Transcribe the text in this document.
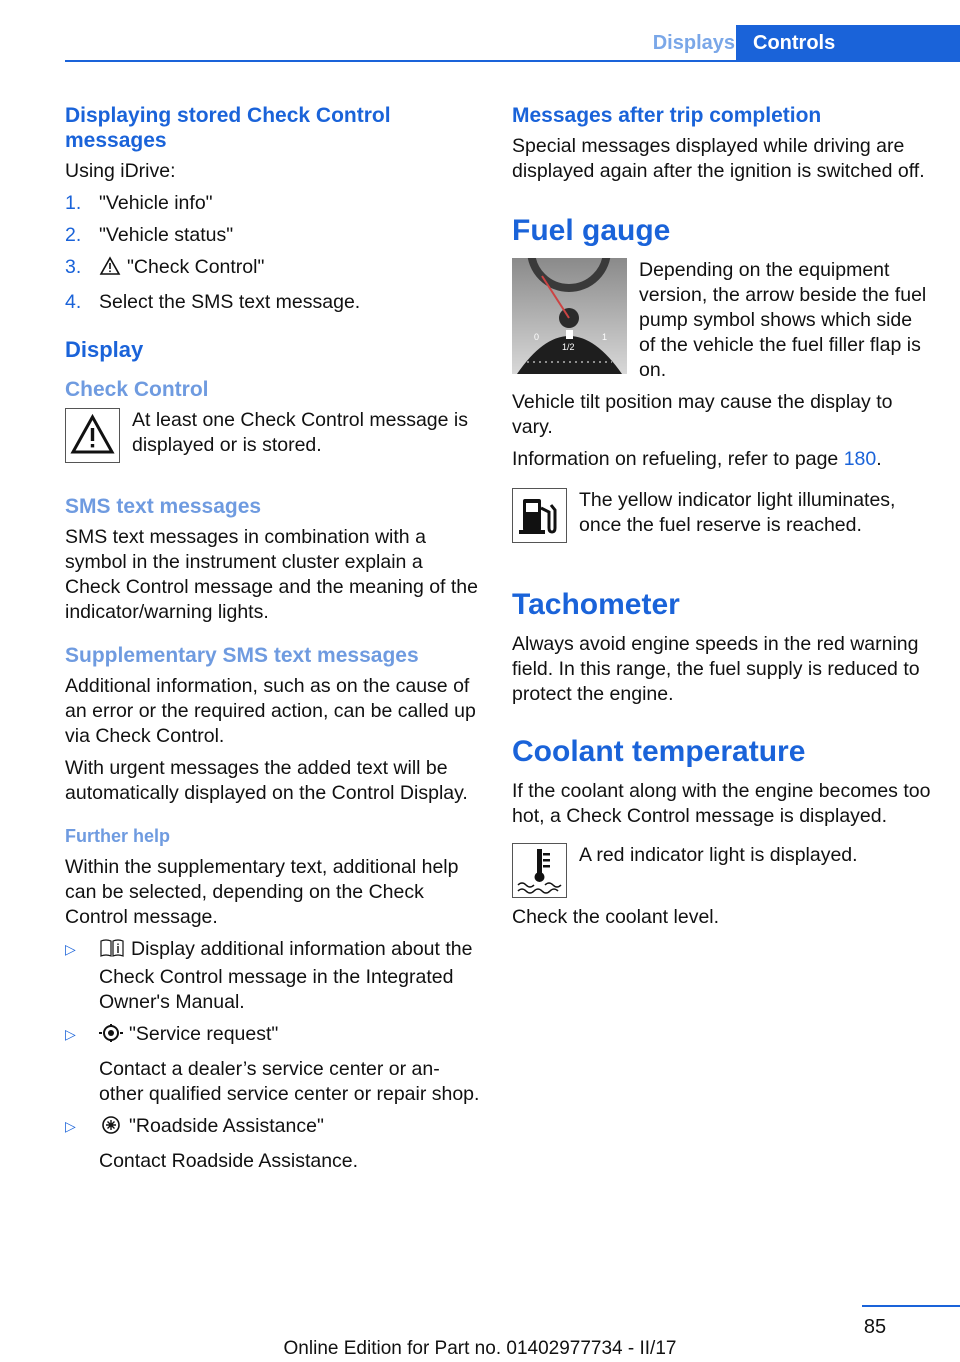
Displays Controls
Displaying stored Check Control messages

Using iDrive:

1. "Vehicle info"
2. "Vehicle status"
3. "Check Control"
4. Select the SMS text message.
Display
Check Control

At least one Check Control message is displayed or is stored.

SMS text messages

SMS text messages in combination with a symbol in the instrument cluster explain a Check Control message and the meaning of the indicator/warning lights.

Supplementary SMS text messages

Additional information, such as on the cause of an error or the required action, can be called up via Check Control.

With urgent messages the added text will be automatically displayed on the Control Display.

Further help

Within the supplementary text, additional help can be selected, depending on the Check Control message.

▷	Display additional information about the Check Control message in the Integrated Owner's Manual.
▷	"Service request"

Contact a dealer’s service center or an-other qualified service center or repair shop.

▷	"Roadside Assistance"

Contact Roadside Assistance.

Messages after trip completion

Special messages displayed while driving are displayed again after the ignition is switched off.

Fuel gauge
0
1/2
1

Depending on the equipment version, the arrow beside the fuel pump symbol shows which side of the vehicle the fuel filler flap is on.

Vehicle tilt position may cause the display to vary.

Information on refueling, refer to page 180.

The yellow indicator light illuminates, once the fuel reserve is reached.

Tachometer

Always avoid engine speeds in the red warning field. In this range, the fuel supply is reduced to protect the engine.

Coolant temperature

If the coolant along with the engine becomes too hot, a Check Control message is displayed.

A red indicator light is displayed.

Check the coolant level.

85
Online Edition for Part no. 01402977734 - II/17
